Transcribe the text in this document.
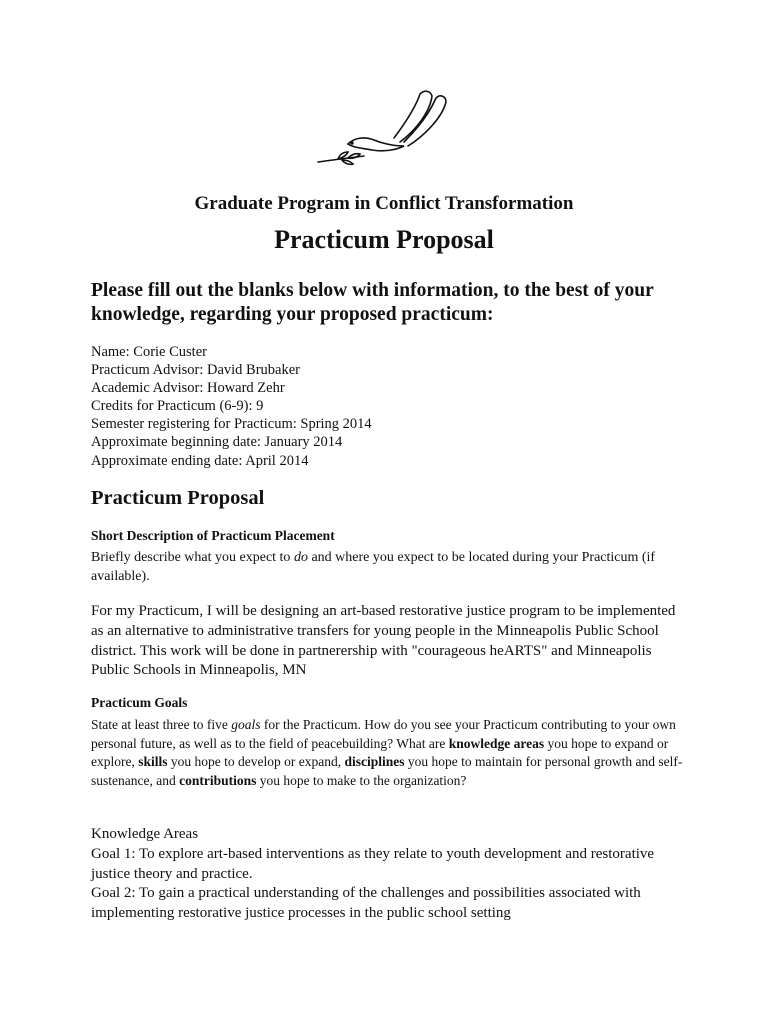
Graduate Program in Conflict Transformation
Practicum Proposal

Please fill out the blanks below with information, to the best of your knowledge, regarding your proposed practicum:

Name: Corie Custer
Practicum Advisor: David Brubaker
Academic Advisor: Howard Zehr
Credits for Practicum (6-9): 9
Semester registering for Practicum: Spring 2014
Approximate beginning date: January 2014
Approximate ending date: April 2014
Practicum Proposal
Short Description of Practicum Placement

Briefly describe what you expect to do and where you expect to be located during your Practicum (if available).

For my Practicum, I will be designing an art-based restorative justice program to be implemented as an alternative to administrative transfers for young people in the Minneapolis Public School district. This work will be done in partnerership with "courageous heARTS" and Minneapolis Public Schools in Minneapolis, MN

Practicum Goals

State at least three to five goals for the Practicum. How do you see your Practicum contributing to your own personal future, as well as to the field of peacebuilding? What are knowledge areas you hope to expand or explore, skills you hope to develop or expand, disciplines you hope to maintain for personal growth and self-sustenance, and contributions you hope to make to the organization?

Knowledge Areas
Goal 1: To explore art-based interventions as they relate to youth development and restorative justice theory and practice.
Goal 2: To gain a practical understanding of the challenges and possibilities associated with implementing restorative justice processes in the public school setting
